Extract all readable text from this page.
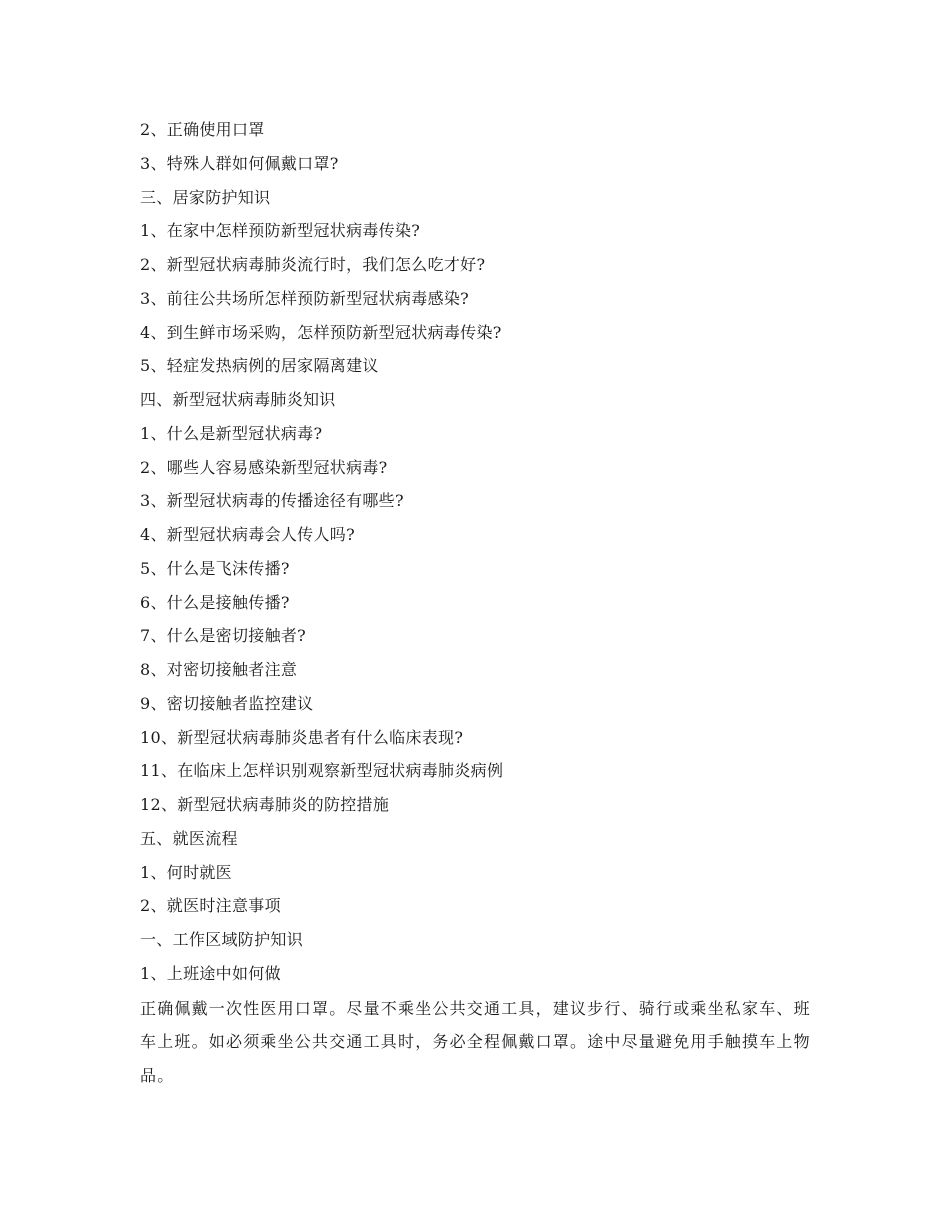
2、正确使用口罩
3、特殊人群如何佩戴口罩?
三、居家防护知识
1、在家中怎样预防新型冠状病毒传染?
2、新型冠状病毒肺炎流行时，我们怎么吃才好?
3、前往公共场所怎样预防新型冠状病毒感染?
4、到生鲜市场采购，怎样预防新型冠状病毒传染?
5、轻症发热病例的居家隔离建议
四、新型冠状病毒肺炎知识
1、什么是新型冠状病毒?
2、哪些人容易感染新型冠状病毒?
3、新型冠状病毒的传播途径有哪些?
4、新型冠状病毒会人传人吗?
5、什么是飞沫传播?
6、什么是接触传播?
7、什么是密切接触者?
8、对密切接触者注意
9、密切接触者监控建议
10、新型冠状病毒肺炎患者有什么临床表现?
11、在临床上怎样识别观察新型冠状病毒肺炎病例
12、新型冠状病毒肺炎的防控措施
五、就医流程
1、何时就医
2、就医时注意事项
一、工作区域防护知识
1、上班途中如何做
正确佩戴一次性医用口罩。尽量不乘坐公共交通工具，建议步行、骑行或乘坐私家车、班车上班。如必须乘坐公共交通工具时，务必全程佩戴口罩。途中尽量避免用手触摸车上物品。
